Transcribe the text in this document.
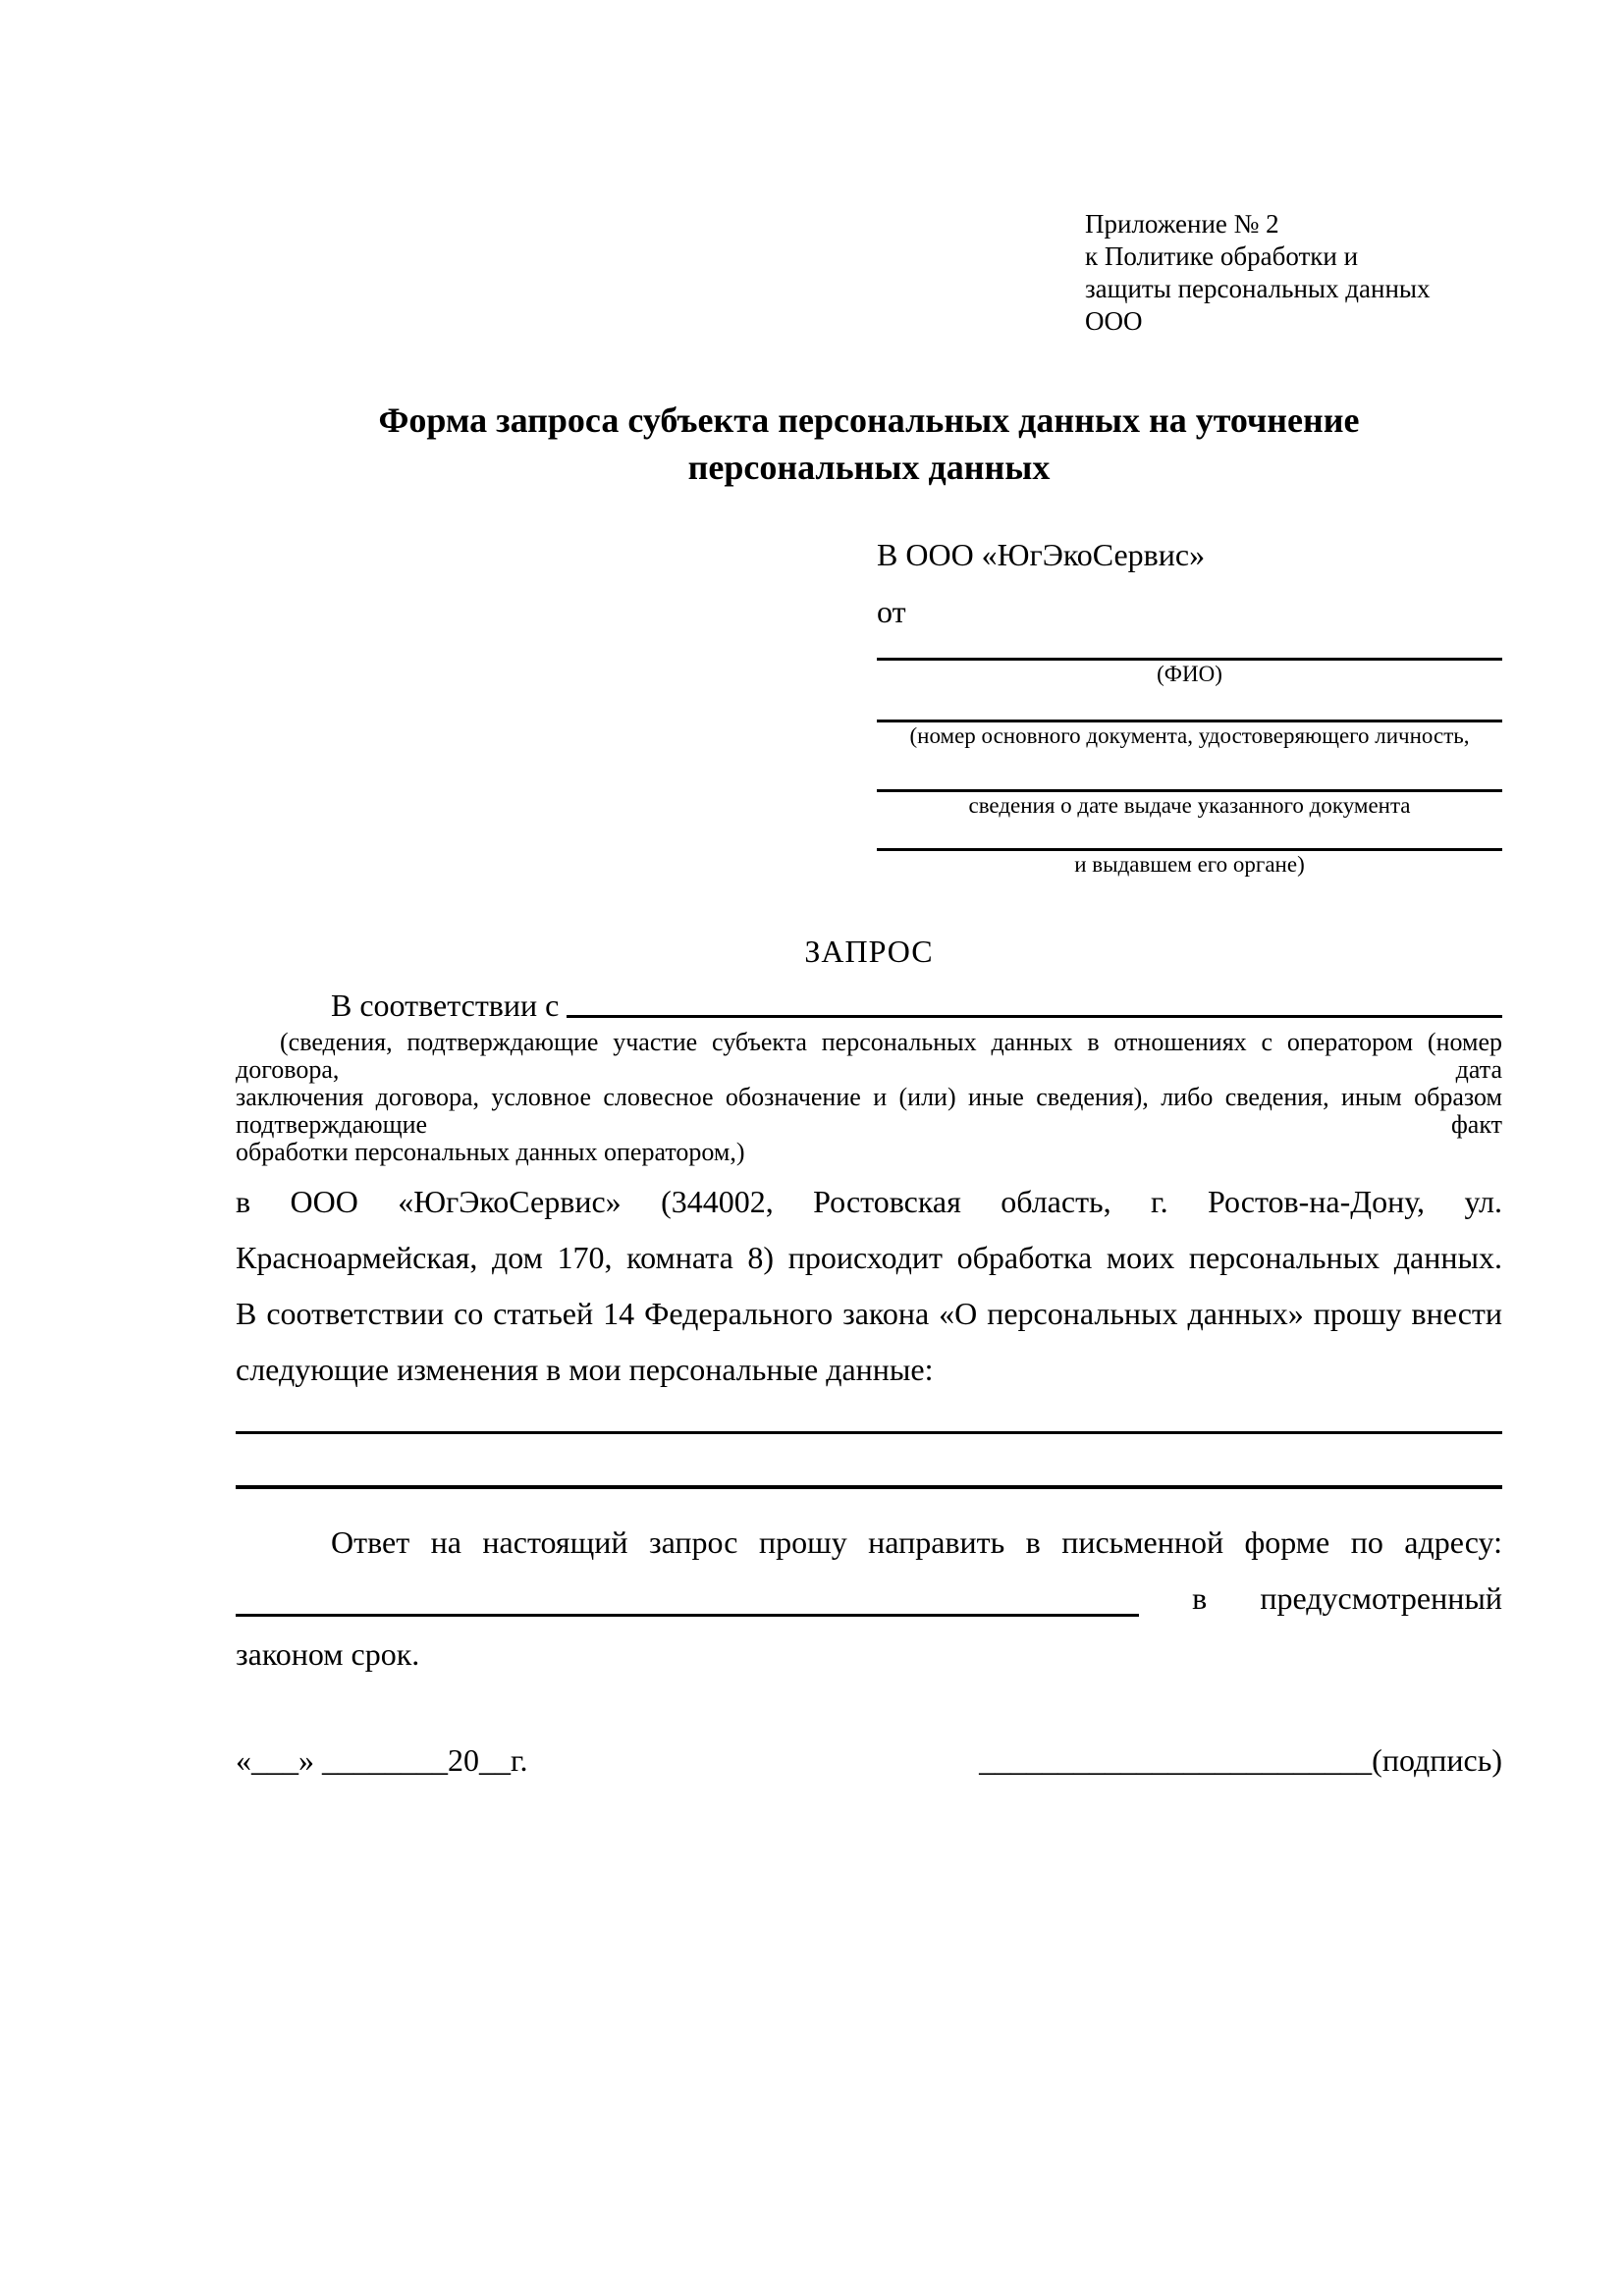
Приложение № 2
к Политике обработки и
защиты персональных данных
ООО
Форма запроса субъекта персональных данных на уточнение
персональных данных
В ООО «ЮгЭкоСервис»
от
(ФИО)
(номер основного документа, удостоверяющего личность,
сведения о дате выдаче указанного документа
и выдавшем его органе)
ЗАПРОС
В соответствии с
(сведения, подтверждающие участие субъекта персональных данных в отношениях с оператором (номер договора, дата
заключения договора, условное словесное обозначение и (или) иные сведения), либо сведения, иным образом подтверждающие факт
обработки персональных данных оператором,)
в ООО «ЮгЭкоСервис» (344002, Ростовская область, г. Ростов-на-Дону, ул.
Красноармейская, дом 170, комната 8) происходит обработка моих персональных данных.
В соответствии со статьей 14 Федерального закона «О персональных данных» прошу внести
следующие изменения в мои персональные данные:
Ответ на настоящий запрос прошу направить в письменной форме по адресу:
в предусмотренный
законом срок.
«___» ________20__г.	_________________________(подпись)
